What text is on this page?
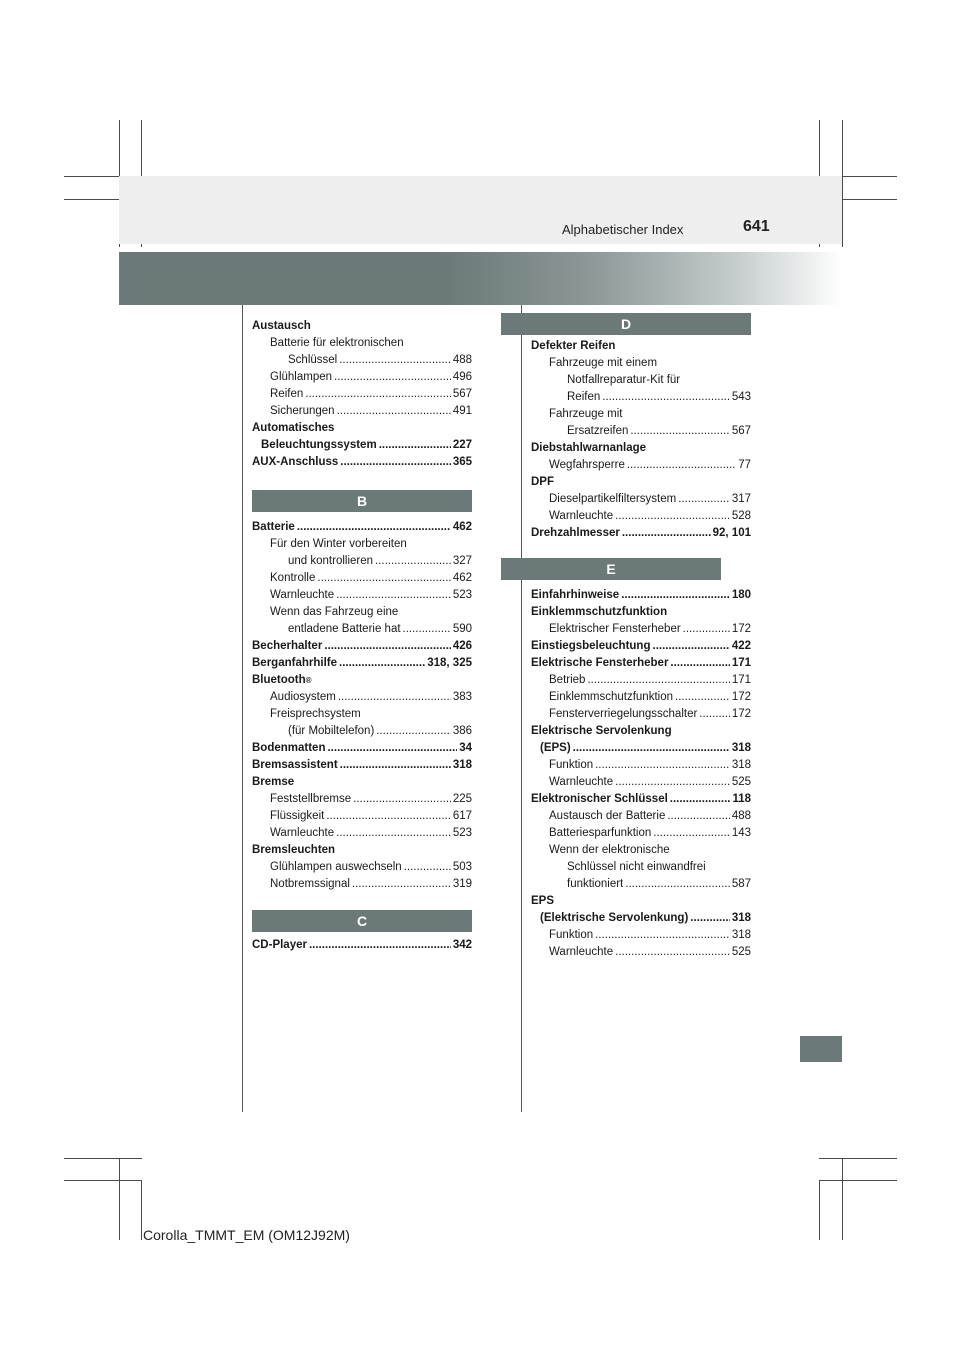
Alphabetischer Index	641
Austausch
Batterie für elektronischen
Schlüssel .....	488
Glühlampen .....	496
Reifen .....	567
Sicherungen .....	491
Automatisches
Beleuchtungssystem .....	227
AUX-Anschluss .....	365
B
Batterie .....	462
Für den Winter vorbereiten
und kontrollieren .....	327
Kontrolle .....	462
Warnleuchte .....	523
Wenn das Fahrzeug eine
entladene Batterie hat .....	590
Becherhalter .....	426
Berganfahrhilfe .....	318, 325
Bluetooth ®
Audiosystem .....	383
Freisprechsystem
(für Mobiltelefon) .....	386
Bodenmatten .....	34
Bremsassistent .....	318
Bremse
Feststellbremse .....	225
Flüssigkeit .....	617
Warnleuchte .....	523
Bremsleuchten
Glühlampen auswechseln .....	503
Notbremssignal .....	319
C
CD-Player .....	342
Defekter Reifen
Fahrzeuge mit einem
Notfallreparatur-Kit für
Reifen .....	543
Fahrzeuge mit
Ersatzreifen .....	567
Diebstahlwarnanlage
Wegfahrsperre .....	77
DPF
Dieselpartikelfiltersystem .....	317
Warnleuchte .....	528
Drehzahlmesser .....	92, 101
E
Einfahrhinweise .....	180
Einklemmschutzfunktion
Elektrischer Fensterheber .....	172
Einstiegsbeleuchtung .....	422
Elektrische Fensterheber .....	171
Betrieb .....	171
Einklemmschutzfunktion .....	172
Fensterverriegelungsschalter .....	172
Elektrische Servolenkung
(EPS) .....	318
Funktion .....	318
Warnleuchte .....	525
Elektronischer Schlüssel .....	118
Austausch der Batterie .....	488
Batteriesparfunktion .....	143
Wenn der elektronische
Schlüssel nicht einwandfrei
funktioniert .....	587
EPS
(Elektrische Servolenkung) .....	318
Funktion .....	318
Warnleuchte .....	525
D
Corolla_TMMT_EM (OM12J92M)
